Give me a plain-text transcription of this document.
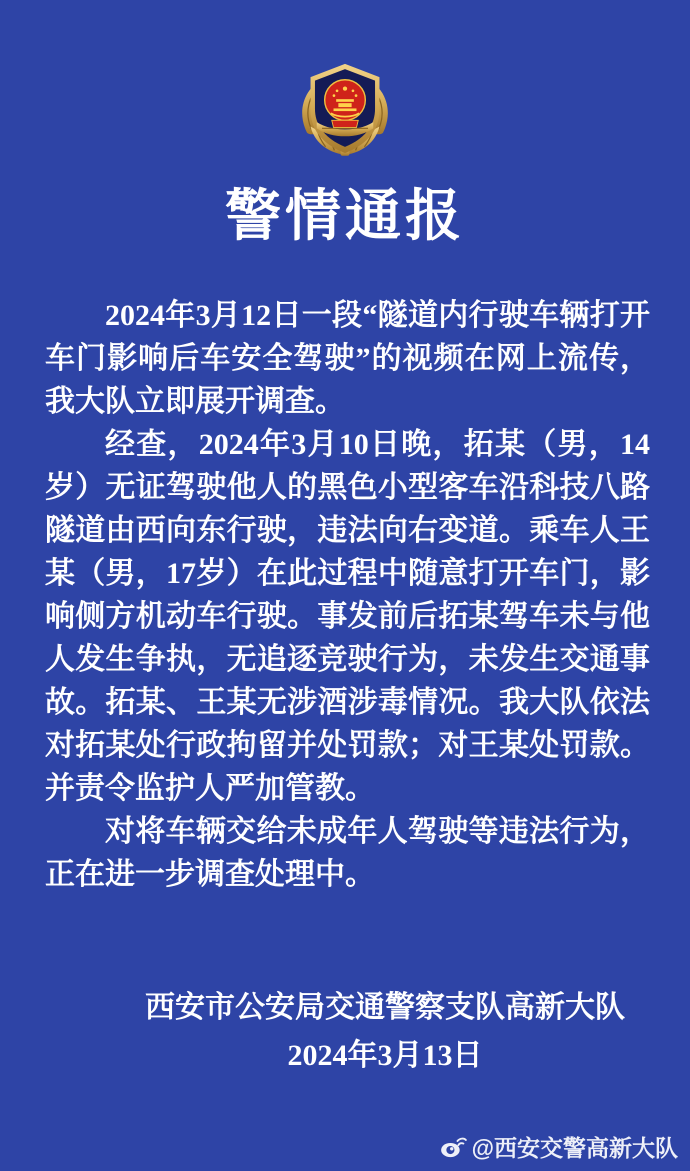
警情通报

2024年3月12日一段“隧道内行驶车辆打开车门影响后车安全驾驶”的视频在网上流传，我大队立即展开调查。

经查，2024年3月10日晚，拓某（男，14岁）无证驾驶他人的黑色小型客车沿科技八路隧道由西向东行驶，违法向右变道。乘车人王某（男，17岁）在此过程中随意打开车门，影响侧方机动车行驶。事发前后拓某驾车未与他人发生争执，无追逐竞驶行为，未发生交通事故。拓某、王某无涉酒涉毒情况。我大队依法对拓某处行政拘留并处罚款；对王某处罚款。并责令监护人严加管教。

对将车辆交给未成年人驾驶等违法行为，正在进一步调查处理中。

西安市公安局交通警察支队高新大队
2024年3月13日
@西安交警高新大队
